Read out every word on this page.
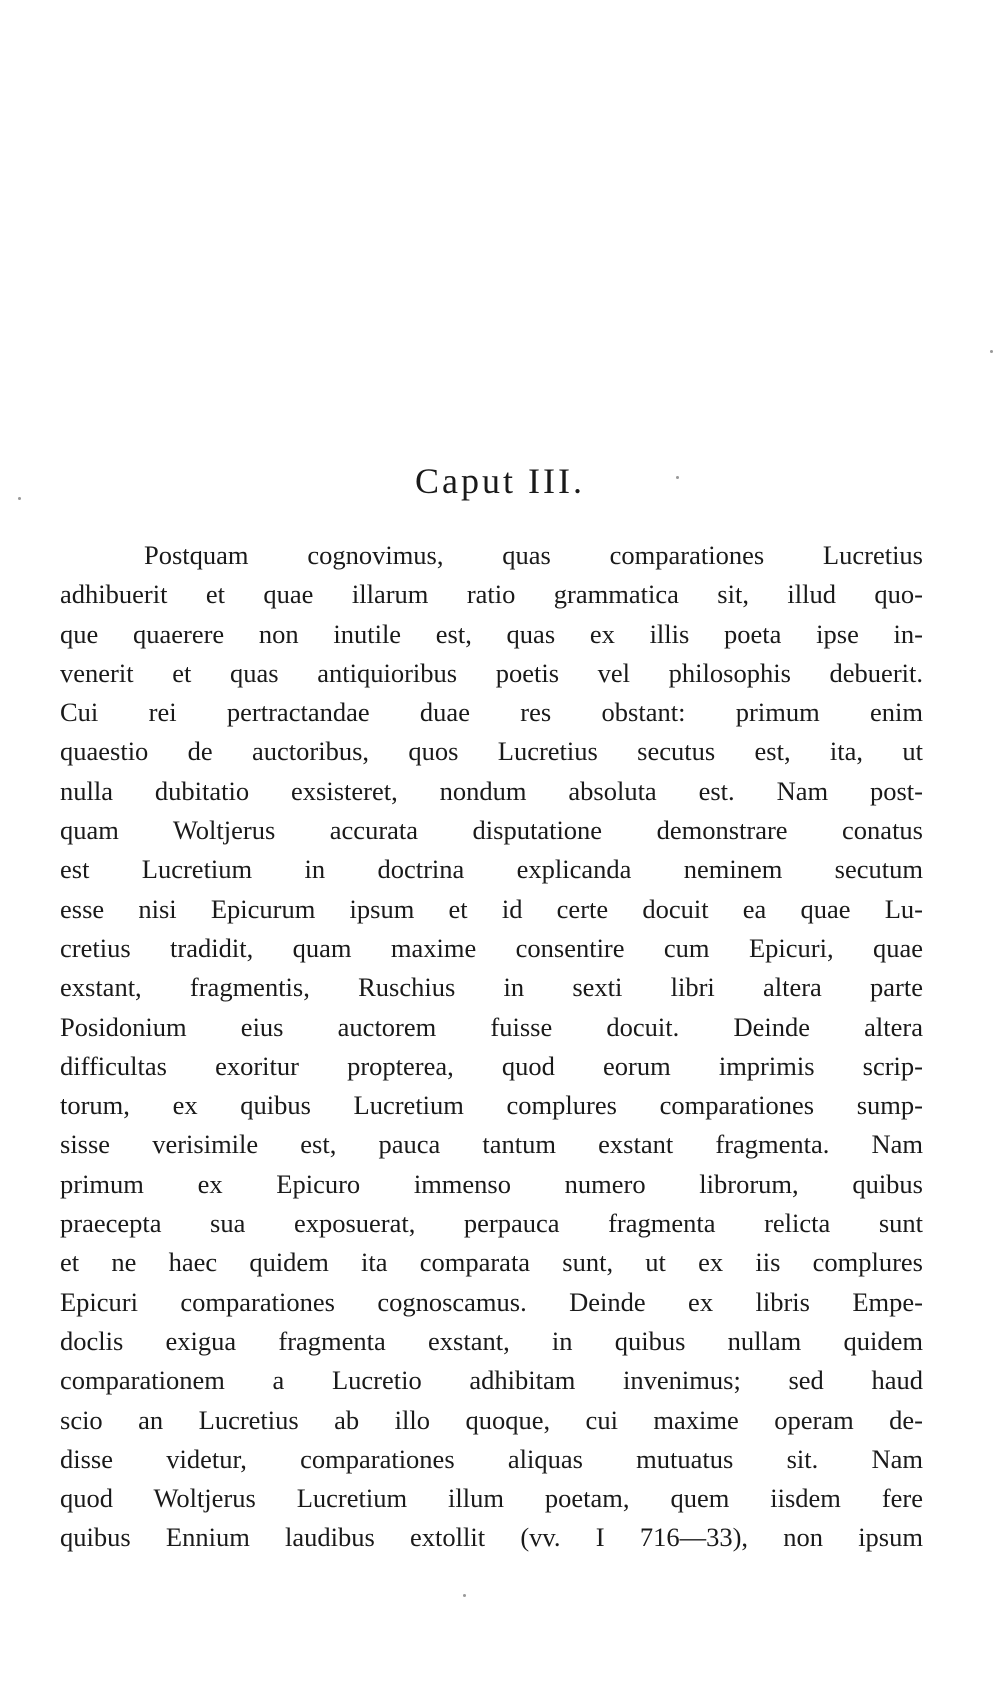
Caput III.
Postquam cognovimus, quas comparationes Lucretius
adhibuerit et quae illarum ratio grammatica sit, illud quo-
que quaerere non inutile est, quas ex illis poeta ipse in-
venerit et quas antiquioribus poetis vel philosophis debuerit.
Cui rei pertractandae duae res obstant: primum enim
quaestio de auctoribus, quos Lucretius secutus est, ita, ut
nulla dubitatio exsisteret, nondum absoluta est. Nam post-
quam Woltjerus accurata disputatione demonstrare conatus
est Lucretium in doctrina explicanda neminem secutum
esse nisi Epicurum ipsum et id certe docuit ea quae Lu-
cretius tradidit, quam maxime consentire cum Epicuri, quae
exstant, fragmentis, Ruschius in sexti libri altera parte
Posidonium eius auctorem fuisse docuit. Deinde altera
difficultas exoritur propterea, quod eorum imprimis scrip-
torum, ex quibus Lucretium complures comparationes sump-
sisse verisimile est, pauca tantum exstant fragmenta. Nam
primum ex Epicuro immenso numero librorum, quibus
praecepta sua exposuerat, perpauca fragmenta relicta sunt
et ne haec quidem ita comparata sunt, ut ex iis complures
Epicuri comparationes cognoscamus. Deinde ex libris Empe-
doclis exigua fragmenta exstant, in quibus nullam quidem
comparationem a Lucretio adhibitam invenimus; sed haud
scio an Lucretius ab illo quoque, cui maxime operam de-
disse videtur, comparationes aliquas mutuatus sit. Nam
quod Woltjerus Lucretium illum poetam, quem iisdem fere
quibus Ennium laudibus extollit (vv. I 716—33), non ipsum
